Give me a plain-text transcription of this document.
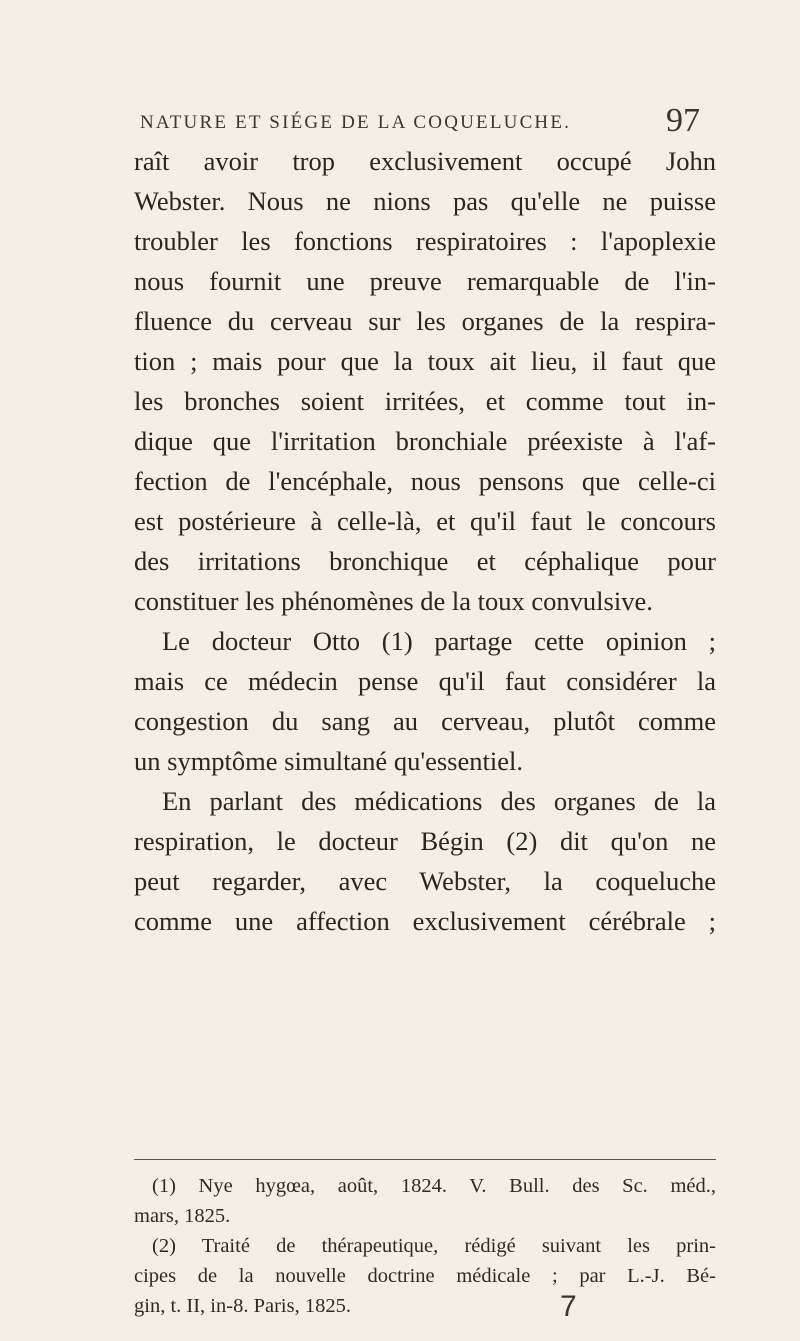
NATURE ET SIÉGE DE LA COQUELUCHE.	97
raît avoir trop exclusivement occupé John
Webster. Nous ne nions pas qu'elle ne puisse
troubler les fonctions respiratoires : l'apoplexie
nous fournit une preuve remarquable de l'in-
fluence du cerveau sur les organes de la respira-
tion ; mais pour que la toux ait lieu, il faut que
les bronches soient irritées, et comme tout in-
dique que l'irritation bronchiale préexiste à l'af-
fection de l'encéphale, nous pensons que celle-ci
est postérieure à celle-là, et qu'il faut le concours
des irritations bronchique et céphalique pour
constituer les phénomènes de la toux convulsive.
Le docteur Otto (1) partage cette opinion ;
mais ce médecin pense qu'il faut considérer la
congestion du sang au cerveau, plutôt comme
un symptôme simultané qu'essentiel.
En parlant des médications des organes de la
respiration, le docteur Bégin (2) dit qu'on ne
peut regarder, avec Webster, la coqueluche
comme une affection exclusivement cérébrale ;
(1) Nye hygœa, août, 1824. V. Bull. des Sc. méd.,
mars, 1825.
(2) Traité de thérapeutique, rédigé suivant les prin-
cipes de la nouvelle doctrine médicale ; par L.-J. Bé-
gin, t. II, in-8. Paris, 1825.	7
